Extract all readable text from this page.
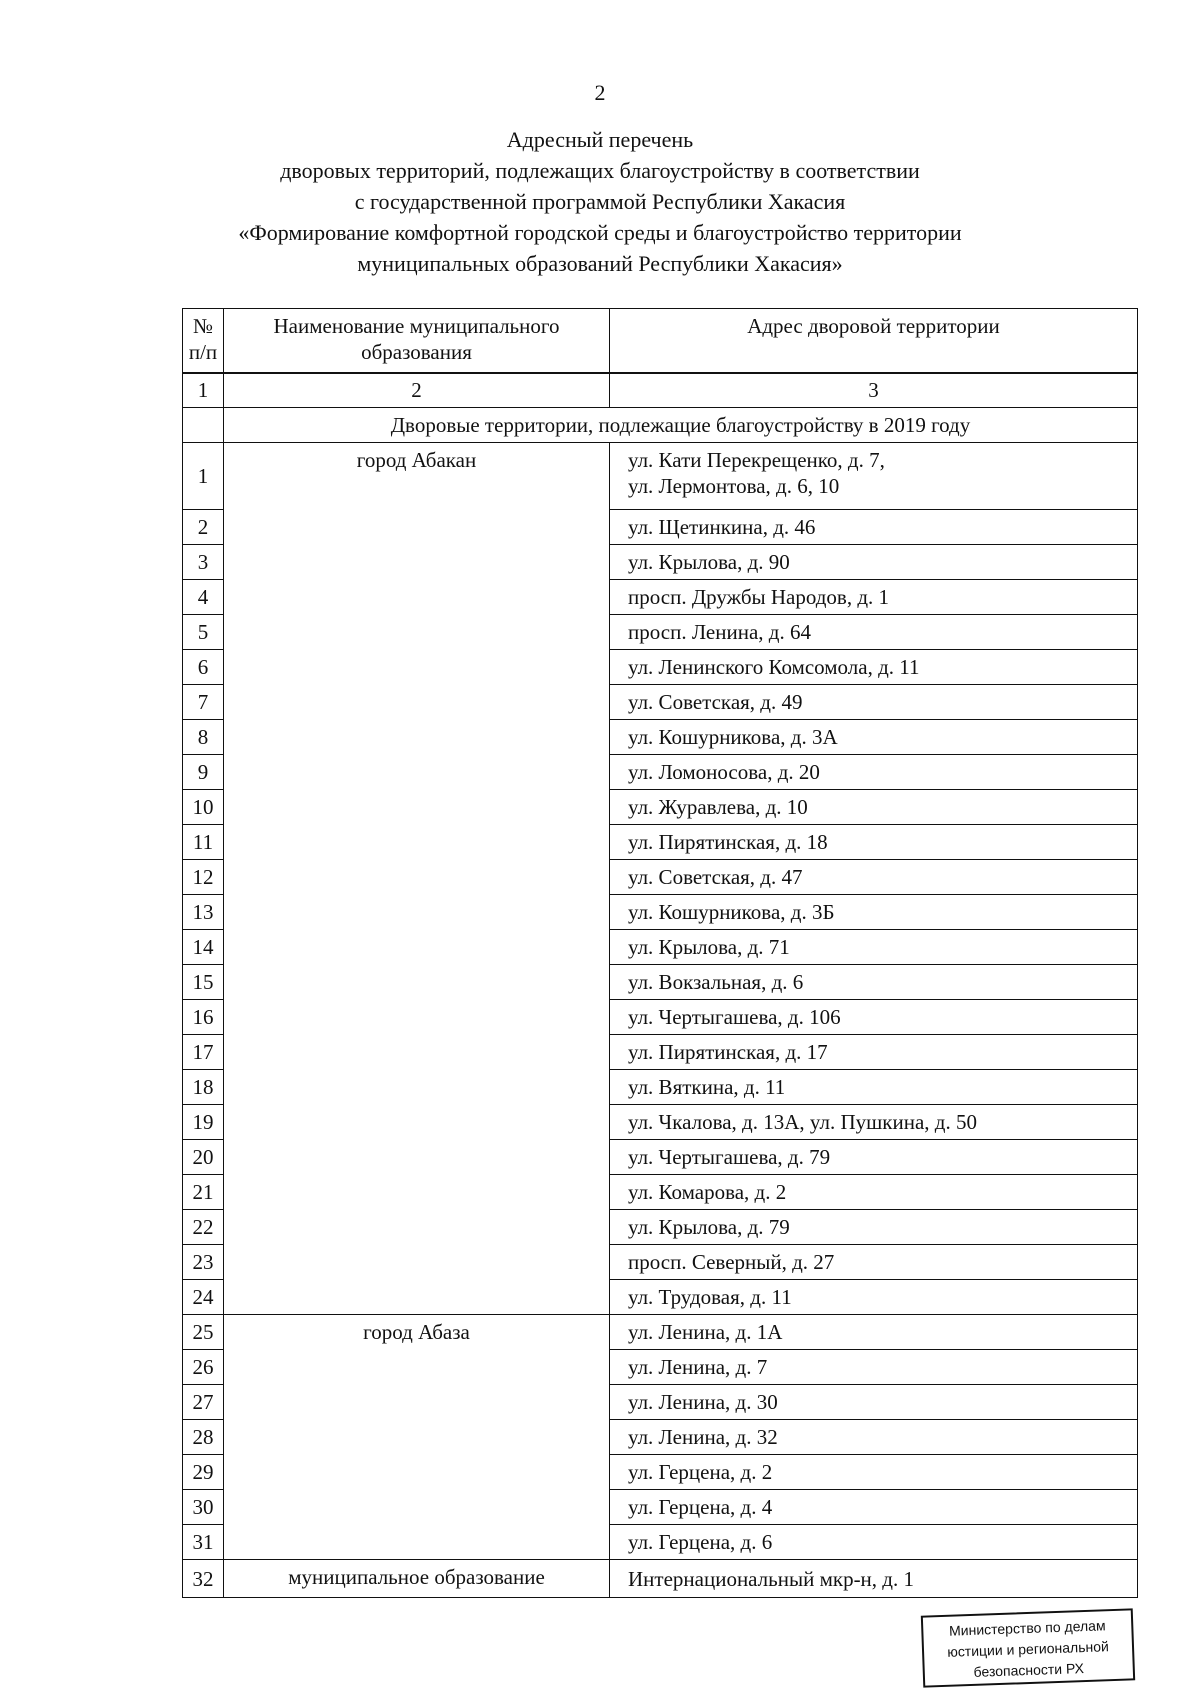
2
Адресный перечень
дворовых территорий, подлежащих благоустройству в соответствии
с государственной программой Республики Хакасия
«Формирование комфортной городской среды и благоустройство территории
муниципальных образований Республики Хакасия»
№ п/п	Наименование муниципального образования	Адрес дворовой территории
1	2	3
	Дворовые территории, подлежащие благоустройству в 2019 году	
1	город Абакан	ул. Кати Перекрещенко, д. 7,
ул. Лермонтова, д. 6, 10

2		ул. Щетинкина, д. 46

3		ул. Крылова, д. 90

4		просп. Дружбы Народов, д. 1

5		просп. Ленина, д. 64

6		ул. Ленинского Комсомола, д. 11

7		ул. Советская, д. 49

8		ул. Кошурникова, д. 3А

9		ул. Ломоносова, д. 20

10		ул. Журавлева, д. 10

11		ул. Пирятинская, д. 18

12		ул. Советская, д. 47

13		ул. Кошурникова, д. 3Б

14		ул. Крылова, д. 71

15		ул. Вокзальная, д. 6

16		ул. Чертыгашева, д. 106

17		ул. Пирятинская, д. 17

18		ул. Вяткина, д. 11

19		ул. Чкалова, д. 13А, ул. Пушкина, д. 50

20		ул. Чертыгашева, д. 79

21		ул. Комарова, д. 2

22		ул. Крылова, д. 79

23		просп. Северный, д. 27

24		ул. Трудовая, д. 11

25	город Абаза	ул. Ленина, д. 1А

26		ул. Ленина, д. 7

27		ул. Ленина, д. 30

28		ул. Ленина, д. 32

29		ул. Герцена, д. 2

30		ул. Герцена, д. 4

31		ул. Герцена, д. 6

32	муниципальное образование	Интернациональный мкр-н, д. 1
Министерство по делам
юстиции и региональной
безопасности РХ
